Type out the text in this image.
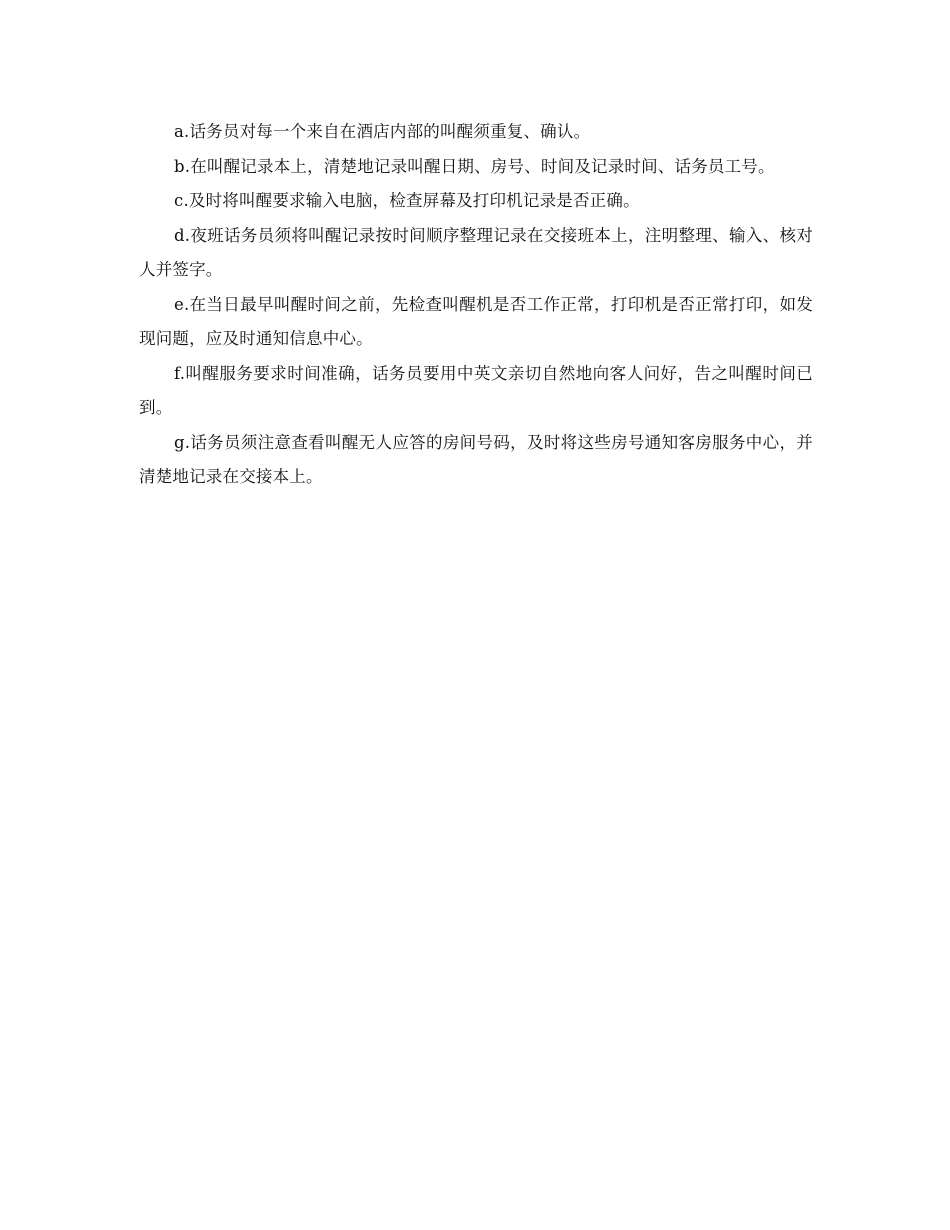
a.话务员对每一个来自在酒店内部的叫醒须重复、确认。

b.在叫醒记录本上，清楚地记录叫醒日期、房号、时间及记录时间、话务员工号。

c.及时将叫醒要求输入电脑，检查屏幕及打印机记录是否正确。

d.夜班话务员须将叫醒记录按时间顺序整理记录在交接班本上，注明整理、输入、核对人并签字。

e.在当日最早叫醒时间之前，先检查叫醒机是否工作正常，打印机是否正常打印，如发现问题，应及时通知信息中心。

f.叫醒服务要求时间准确，话务员要用中英文亲切自然地向客人问好，告之叫醒时间已到。

g.话务员须注意查看叫醒无人应答的房间号码，及时将这些房号通知客房服务中心，并清楚地记录在交接本上。
